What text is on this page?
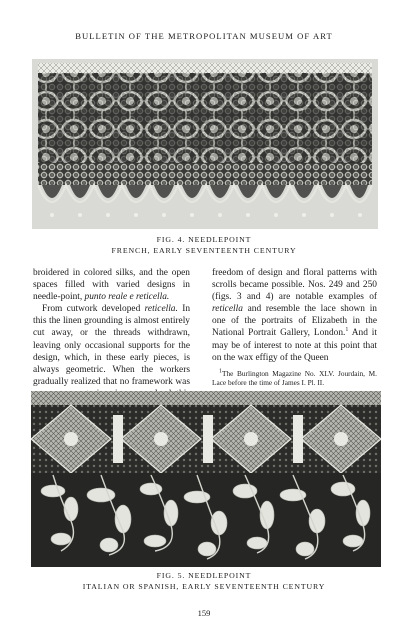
BULLETIN OF THE METROPOLITAN MUSEUM OF ART
FIG. 4. NEEDLEPOINT
FRENCH, EARLY SEVENTEENTH CENTURY

broidered in colored silks, and the open spaces filled with varied designs in needle-point, punto reale e reticella.

From cutwork developed reticella. In this the linen grounding is almost entirely cut away, or the threads withdrawn, leaving only occasional supports for the design, which, in these early pieces, is always geometric. When the workers gradually realized that no framework was

freedom of design and floral patterns with scrolls became possible. Nos. 249 and 250 (figs. 3 and 4) are notable examples of reticella and resemble the lace shown in one of the portraits of Elizabeth in the National Portrait Gallery, London.$^1$ And it may be of interest to note at this point that on the wax effigy of the Queen

$^1$The Burlington Magazine No. XLV. Jourdain, M. Lace before the time of James I. Pl. II.

FIG. 5. NEEDLEPOINT
ITALIAN OR SPANISH, EARLY SEVENTEENTH CENTURY
159
